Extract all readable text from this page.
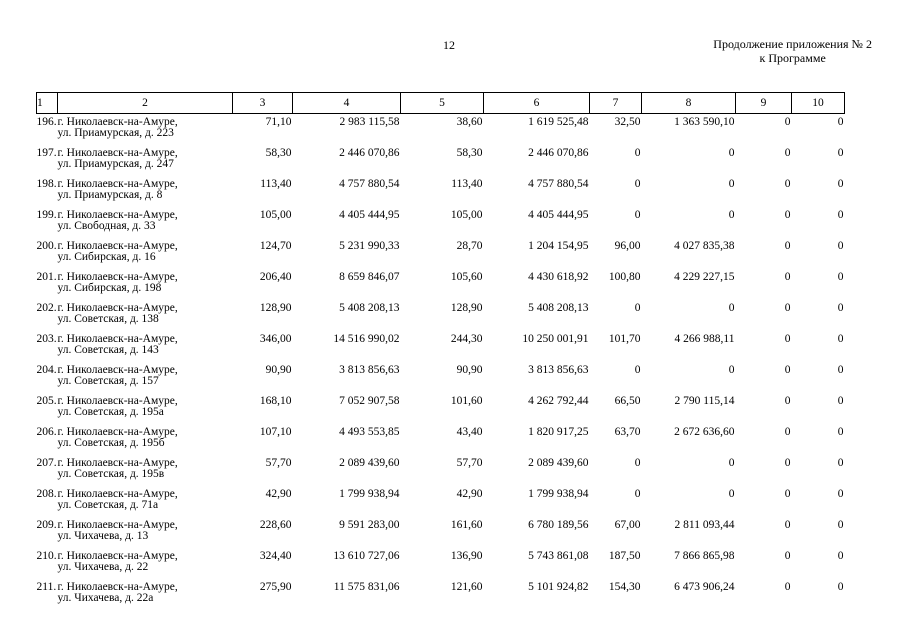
12	Продолжение приложения № 2
к Программе
1	2	3	4	5	6	7	8	9	10
196.	г. Николаевск-на-Амуре,
ул. Приамурская, д. 223	71,10	2 983 115,58	38,60	1 619 525,48	32,50	1 363 590,10	0	0
197.	г. Николаевск-на-Амуре,
ул. Приамурская, д. 247	58,30	2 446 070,86	58,30	2 446 070,86	0	0	0	0
198.	г. Николаевск-на-Амуре,
ул. Приамурская, д. 8	113,40	4 757 880,54	113,40	4 757 880,54	0	0	0	0
199.	г. Николаевск-на-Амуре,
ул. Свободная, д. 33	105,00	4 405 444,95	105,00	4 405 444,95	0	0	0	0
200.	г. Николаевск-на-Амуре,
ул. Сибирская, д. 16	124,70	5 231 990,33	28,70	1 204 154,95	96,00	4 027 835,38	0	0
201.	г. Николаевск-на-Амуре,
ул. Сибирская, д. 198	206,40	8 659 846,07	105,60	4 430 618,92	100,80	4 229 227,15	0	0
202.	г. Николаевск-на-Амуре,
ул. Советская, д. 138	128,90	5 408 208,13	128,90	5 408 208,13	0	0	0	0
203.	г. Николаевск-на-Амуре,
ул. Советская, д. 143	346,00	14 516 990,02	244,30	10 250 001,91	101,70	4 266 988,11	0	0
204.	г. Николаевск-на-Амуре,
ул. Советская, д. 157	90,90	3 813 856,63	90,90	3 813 856,63	0	0	0	0
205.	г. Николаевск-на-Амуре,
ул. Советская, д. 195а	168,10	7 052 907,58	101,60	4 262 792,44	66,50	2 790 115,14	0	0
206.	г. Николаевск-на-Амуре,
ул. Советская, д. 195б	107,10	4 493 553,85	43,40	1 820 917,25	63,70	2 672 636,60	0	0
207.	г. Николаевск-на-Амуре,
ул. Советская, д. 195в	57,70	2 089 439,60	57,70	2 089 439,60	0	0	0	0
208.	г. Николаевск-на-Амуре,
ул. Советская, д. 71а	42,90	1 799 938,94	42,90	1 799 938,94	0	0	0	0
209.	г. Николаевск-на-Амуре,
ул. Чихачева, д. 13	228,60	9 591 283,00	161,60	6 780 189,56	67,00	2 811 093,44	0	0
210.	г. Николаевск-на-Амуре,
ул. Чихачева, д. 22	324,40	13 610 727,06	136,90	5 743 861,08	187,50	7 866 865,98	0	0
211.	г. Николаевск-на-Амуре,
ул. Чихачева, д. 22а	275,90	11 575 831,06	121,60	5 101 924,82	154,30	6 473 906,24	0	0
